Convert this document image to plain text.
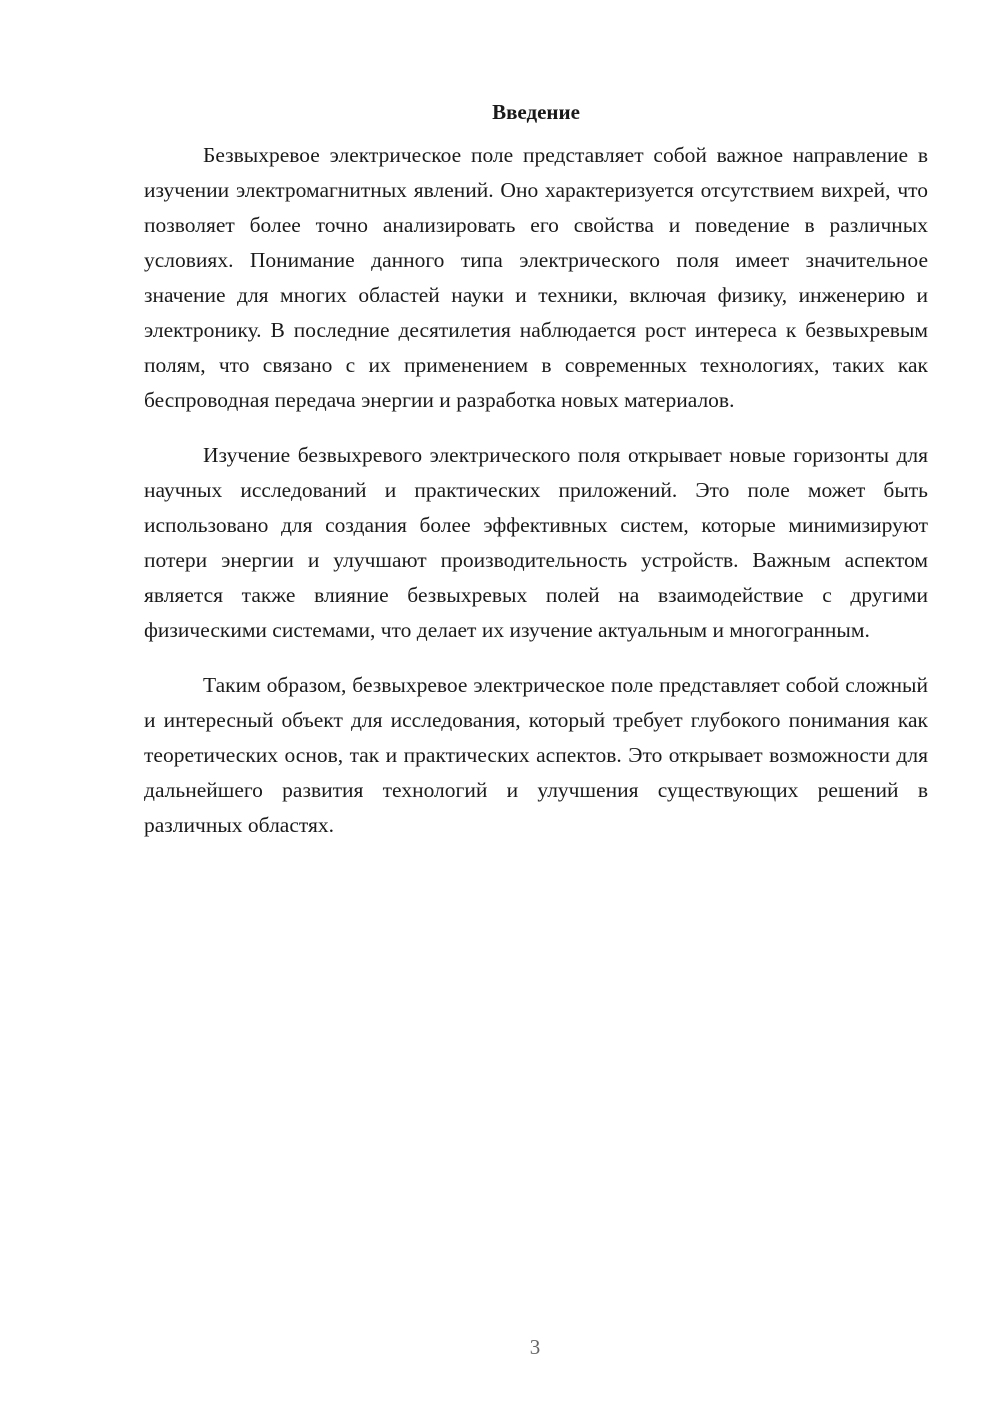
Введение

Безвыхревое электрическое поле представляет собой важное направление в изучении электромагнитных явлений. Оно характеризуется отсутствием вихрей, что позволяет более точно анализировать его свойства и поведение в различных условиях. Понимание данного типа электрического поля имеет значительное значение для многих областей науки и техники, включая физику, инженерию и электронику. В последние десятилетия наблюдается рост интереса к безвыхревым полям, что связано с их применением в современных технологиях, таких как беспроводная передача энергии и разработка новых материалов.

Изучение безвыхревого электрического поля открывает новые горизонты для научных исследований и практических приложений. Это поле может быть использовано для создания более эффективных систем, которые минимизируют потери энергии и улучшают производительность устройств. Важным аспектом является также влияние безвыхревых полей на взаимодействие с другими физическими системами, что делает их изучение актуальным и многогранным.

Таким образом, безвыхревое электрическое поле представляет собой сложный и интересный объект для исследования, который требует глубокого понимания как теоретических основ, так и практических аспектов. Это открывает возможности для дальнейшего развития технологий и улучшения существующих решений в различных областях.

3
